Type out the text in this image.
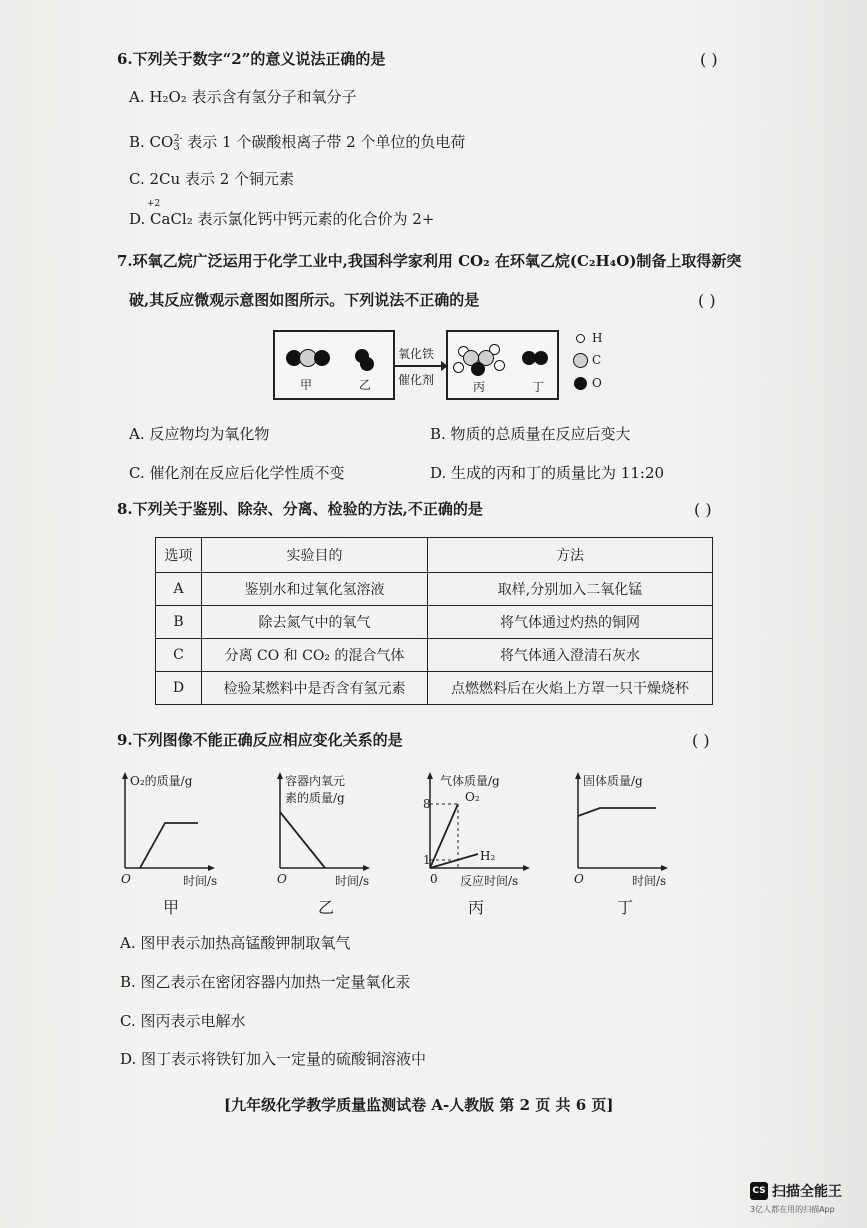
6.下列关于数字“2”的意义说法正确的是	( )
A. H₂O₂ 表示含有氢分子和氧分子
B. $CO_3^{2-}$ 表示 1 个碳酸根离子带 2 个单位的负电荷
C. 2Cu 表示 2 个铜元素
+2
D. CaCl₂ 表示氯化钙中钙元素的化合价为 2+
7.环氧乙烷广泛运用于化学工业中,我国科学家利用 CO₂ 在环氧乙烷(C₂H₄O)制备上取得新突
破,其反应微观示意图如图所示。下列说法不正确的是	( )
甲	乙
氧化铁
催化剂	丙	丁
H
C
O
A. 反应物均为氧化物	B. 物质的总质量在反应后变大
C. 催化剂在反应后化学性质不变	D. 生成的丙和丁的质量比为 11:20
8.下列关于鉴别、除杂、分离、检验的方法,不正确的是	( )
选项	实验目的	方法
A	鉴别水和过氧化氢溶液	取样,分别加入二氧化锰
B	除去氮气中的氧气	将气体通过灼热的铜网
C	分离 CO 和 CO₂ 的混合气体	将气体通入澄清石灰水
D	检验某燃料中是否含有氢元素	点燃燃料后在火焰上方罩一只干燥烧杯
9.下列图像不能正确反应相应变化关系的是	( )
O₂的质量/g
时间/s
O
甲
容器内氧元
素的质量/g
时间/s
O
乙
气体质量/g
O₂
8
1	H₂
0 反应时间/s
丙
固体质量/g
时间/s
O
丁
A. 图甲表示加热高锰酸钾制取氧气
B. 图乙表示在密闭容器内加热一定量氧化汞
C. 图丙表示电解水
D. 图丁表示将铁钉加入一定量的硫酸铜溶液中
[九年级化学教学质量监测试卷 A-人教版 第 2 页 共 6 页]
CS 扫描全能王
3亿人都在用的扫描App
